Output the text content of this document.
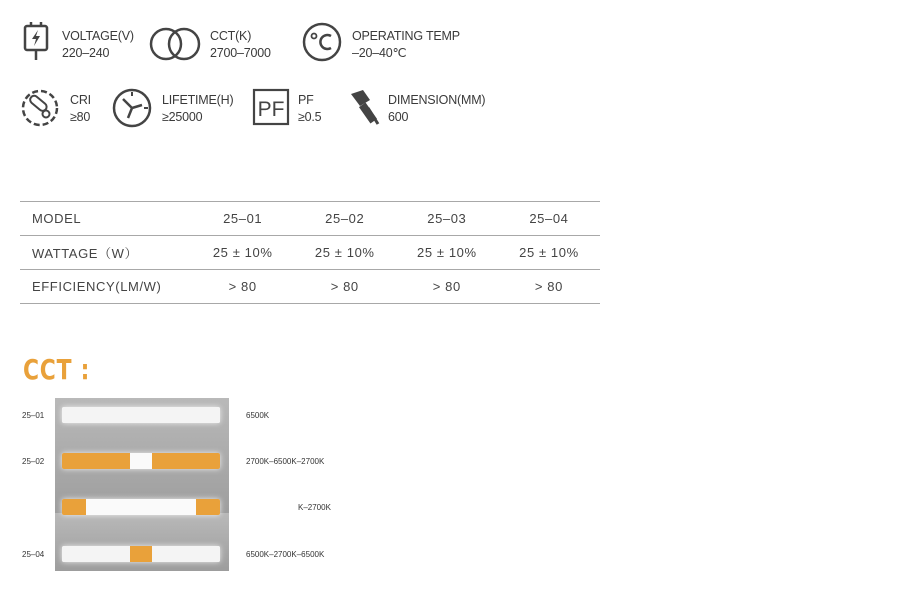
VOLTAGE(V)
220–240
CCT(K)
2700–7000
OPERATING TEMP
–20–40℃
CRI
≥80
LIFETIME(H)
≥25000	PF PF
≥0.5
DIMENSION(MM)
600
MODEL	25–01	25–02	25–03	25–04
WATTAGE（W）	25 ± 10%	25 ± 10%	25 ± 10%	25 ± 10%
EFFICIENCY(LM/W)	> 80	> 80	> 80	> 80
CCT :
25–01	6500K
25–02	2700K–6500K–2700K
K–2700K
25–04	6500K–2700K–6500K
